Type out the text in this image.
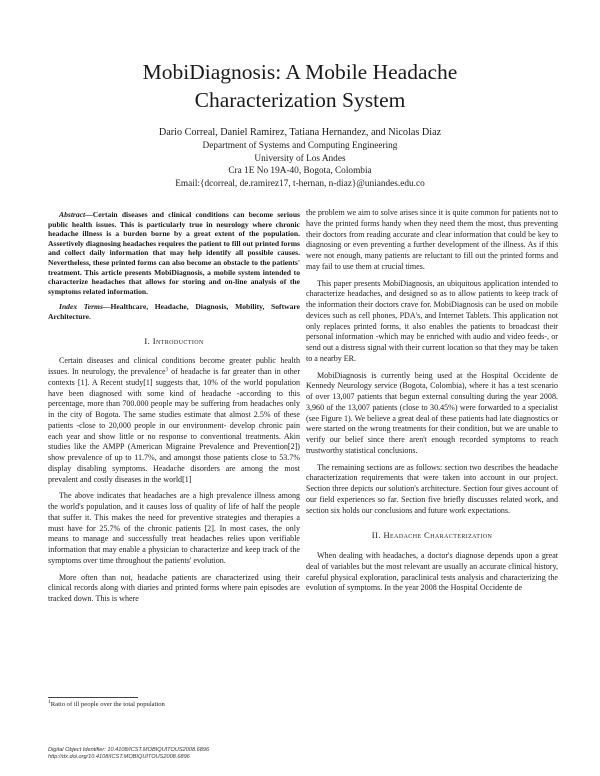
MobiDiagnosis: A Mobile Headache
Characterization System
Dario Correal, Daniel Ramirez, Tatiana Hernandez, and Nicolas Diaz
Department of Systems and Computing Engineering
University of Los Andes
Cra 1E No 19A-40, Bogota, Colombia
Email:{dcorreal, de.ramirez17, t-hernan, n-diaz}@uniandes.edu.co

Abstract—Certain diseases and clinical conditions can become serious public health issues. This is particularly true in neurology where chronic headache illness is a burden borne by a great extent of the population. Assertively diagnosing headaches requires the patient to fill out printed forms and collect daily information that may help identify all possible causes. Nevertheless, these printed forms can also become an obstacle to the patients' treatment. This article presents MobiDiagnosis, a mobile system intended to characterize headaches that allows for storing and on-line analysis of the symptoms related information.

Index Terms—Healthcare, Headache, Diagnosis, Mobility, Software Architecture.

I. Introduction

Certain diseases and clinical conditions become greater public health issues. In neurology, the prevalence$^1$ of headache is far greater than in other contexts [1]. A Recent study[1] suggests that, 10% of the world population have been diagnosed with some kind of headache -according to this percentage, more than 700.000 people may be suffering from headaches only in the city of Bogota. The same studies estimate that almost 2.5% of these patients -close to 20,000 people in our environment- develop chronic pain each year and show little or no response to conventional treatments. Akin studies like the AMPP (American Migraine Prevalence and Prevention[2]) show prevalence of up to 11.7%, and amongst those patients close to 53.7% display disabling symptoms. Headache disorders are among the most prevalent and costly diseases in the world[1]

The above indicates that headaches are a high prevalence illness among the world's population, and it causes loss of quality of life of half the people that suffer it. This makes the need for preventive strategies and therapies a must have for 25.7% of the chronic patients [2]. In most cases, the only means to manage and successfully treat headaches relies upon verifiable information that may enable a physician to characterize and keep track of the symptoms over time throughout the patients' evolution.

More often than not, headache patients are characterized using their clinical records along with diaries and printed forms where pain episodes are tracked down. This is where

$^1$Ratio of ill people over the total population
Digital Object Identifier: 10.4108/ICST.MOBIQUITOUS2008.6896
http://dx.doi.org/10.4108/ICST.MOBIQUITOUS2008.6896

the problem we aim to solve arises since it is quite common for patients not to have the printed forms handy when they need them the most, thus preventing their doctors from reading accurate and clear information that could be key to diagnosing or even preventing a further development of the illness. As if this were not enough, many patients are reluctant to fill out the printed forms and may fail to use them at crucial times.

This paper presents MobiDiagnosis, an ubiquitous application intended to characterize headaches, and designed so as to allow patients to keep track of the information their doctors crave for. MobiDiagnosis can be used on mobile devices such as cell phones, PDA's, and Internet Tablets. This application not only replaces printed forms, it also enables the patients to broadcast their personal information -which may be enriched with audio and video feeds-, or send out a distress signal with their current location so that they may be taken to a nearby ER.

MobiDiagnosis is currently being used at the Hospital Occidente de Kennedy Neurology service (Bogota, Colombia), where it has a test scenario of over 13,007 patients that begun external consulting during the year 2008. 3,960 of the 13,007 patients (close to 30.45%) were forwarded to a specialist (see Figure 1). We believe a great deal of these patients had late diagnostics or were started on the wrong treatments for their condition, but we are unable to verify our belief since there aren't enough recorded symptoms to reach trustworthy statistical conclusions.

The remaining sections are as follows: section two describes the headache characterization requirements that were taken into account in our project. Section three depicts our solution's architecture. Section four gives account of our field experiences so far. Section five briefly discusses related work, and section six holds our conclusions and future work expectations.

II. Headache Characterization

When dealing with headaches, a doctor's diagnose depends upon a great deal of variables but the most relevant are usually an accurate clinical history, careful physical exploration, paraclinical tests analysis and characterizing the evolution of symptoms. In the year 2008 the Hospital Occidente de
